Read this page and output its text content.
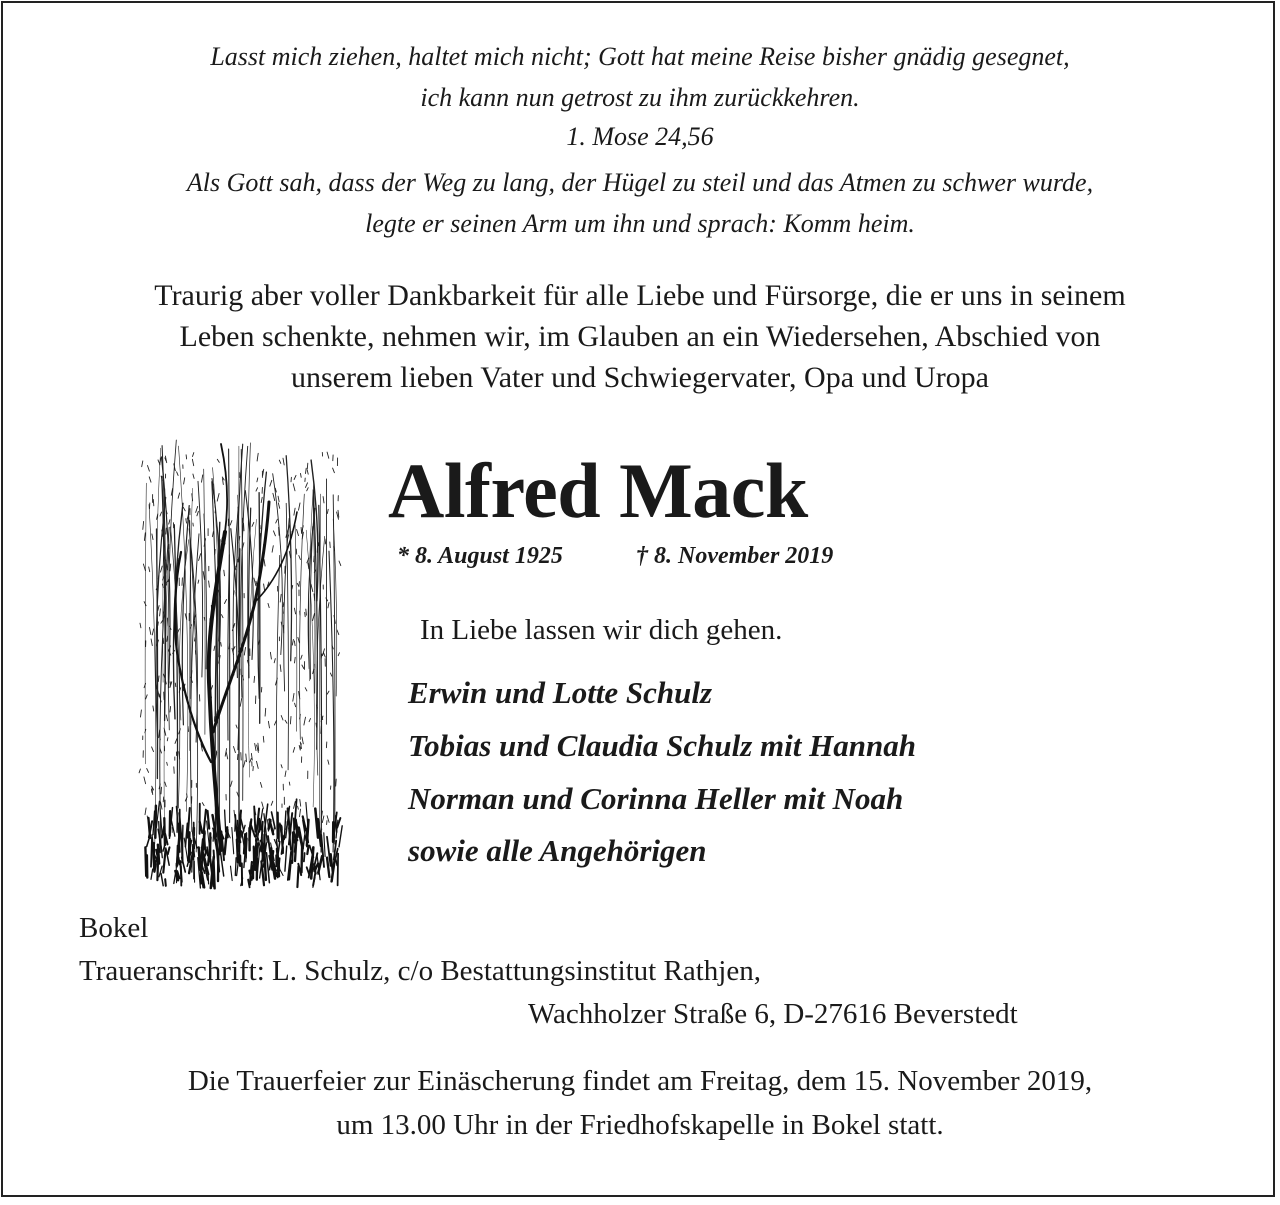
Lasst mich ziehen, haltet mich nicht; Gott hat meine Reise bisher gnädig gesegnet,
ich kann nun getrost zu ihm zurückkehren.
1. Mose 24,56
Als Gott sah, dass der Weg zu lang, der Hügel zu steil und das Atmen zu schwer wurde,
legte er seinen Arm um ihn und sprach: Komm heim.
Traurig aber voller Dankbarkeit für alle Liebe und Fürsorge, die er uns in seinem
Leben schenkte, nehmen wir, im Glauben an ein Wiedersehen, Abschied von
unserem lieben Vater und Schwiegervater, Opa und Uropa
Alfred Mack
* 8. August 1925	† 8. November 2019
In Liebe lassen wir dich gehen.
Erwin und Lotte Schulz
Tobias und Claudia Schulz mit Hannah
Norman und Corinna Heller mit Noah
sowie alle Angehörigen
Bokel
Traueranschrift: L. Schulz, c/o Bestattungsinstitut Rathjen,
Wachholzer Straße 6, D-27616 Beverstedt
Die Trauerfeier zur Einäscherung findet am Freitag, dem 15. November 2019,
um 13.00 Uhr in der Friedhofskapelle in Bokel statt.
